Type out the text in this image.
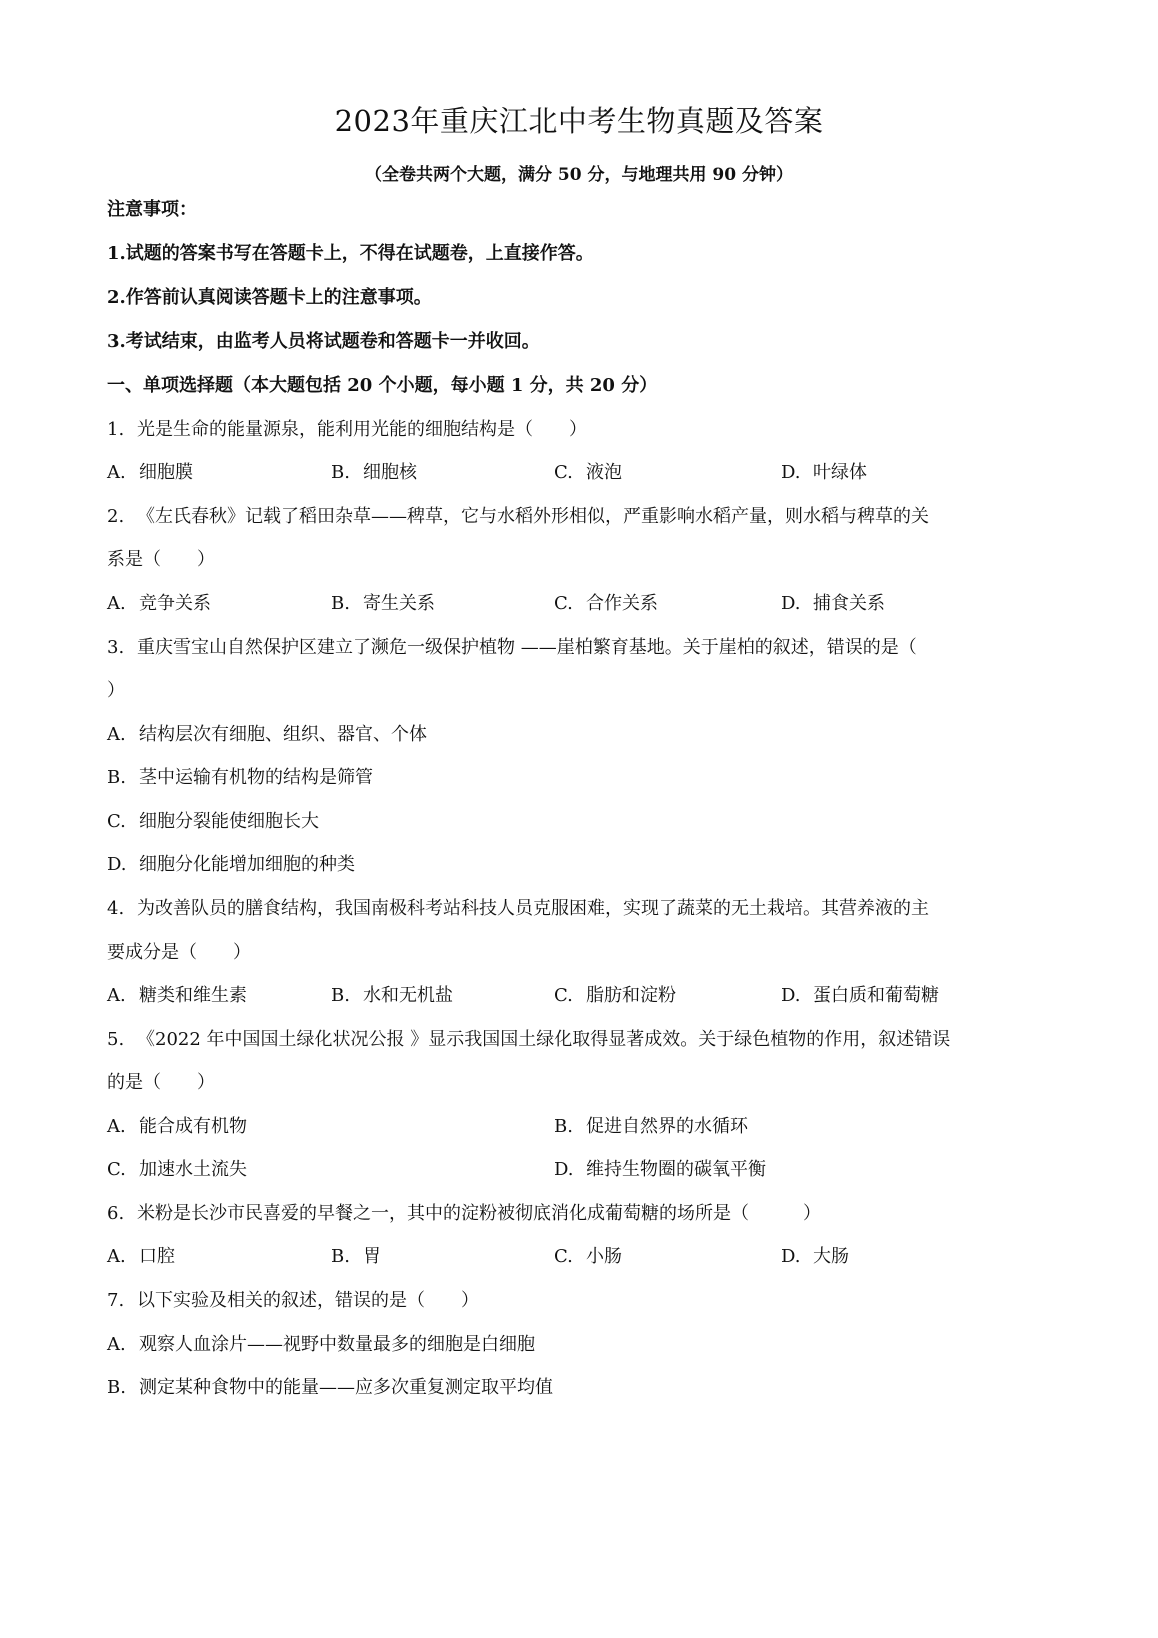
2023年重庆江北中考生物真题及答案
（全卷共两个大题，满分 50 分，与地理共用 90 分钟）
注意事项：
1.试题的答案书写在答题卡上，不得在试题卷，上直接作答。
2.作答前认真阅读答题卡上的注意事项。
3.考试结束，由监考人员将试题卷和答题卡一并收回。
一、单项选择题（本大题包括 20 个小题，每小题 1 分，共 20 分）
1. 光是生命的能量源泉，能利用光能的细胞结构是（　　）
A. 细胞膜	B. 细胞核	C. 液泡	D. 叶绿体
2. 《左氏春秋》记载了稻田杂草——稗草，它与水稻外形相似，严重影响水稻产量，则水稻与稗草的关
系是（　　）
A. 竞争关系	B. 寄生关系	C. 合作关系	D. 捕食关系
3. 重庆雪宝山自然保护区建立了濒危一级保护植物 ——崖柏繁育基地。关于崖柏的叙述，错误的是（
）
A. 结构层次有细胞、组织、器官、个体
B. 茎中运输有机物的结构是筛管
C. 细胞分裂能使细胞长大
D. 细胞分化能增加细胞的种类
4. 为改善队员的膳食结构，我国南极科考站科技人员克服困难，实现了蔬菜的无土栽培。其营养液的主
要成分是（　　）
A. 糖类和维生素	B. 水和无机盐	C. 脂肪和淀粉	D. 蛋白质和葡萄糖
5. 《2022 年中国国土绿化状况公报 》显示我国国土绿化取得显著成效。关于绿色植物的作用，叙述错误
的是（　　）
A. 能合成有机物	B. 促进自然界的水循环
C. 加速水土流失	D. 维持生物圈的碳氧平衡
6. 米粉是长沙市民喜爱的早餐之一，其中的淀粉被彻底消化成葡萄糖的场所是（　　　）
A. 口腔	B. 胃	C. 小肠	D. 大肠
7. 以下实验及相关的叙述，错误的是（　　）
A. 观察人血涂片——视野中数量最多的细胞是白细胞
B. 测定某种食物中的能量——应多次重复测定取平均值
